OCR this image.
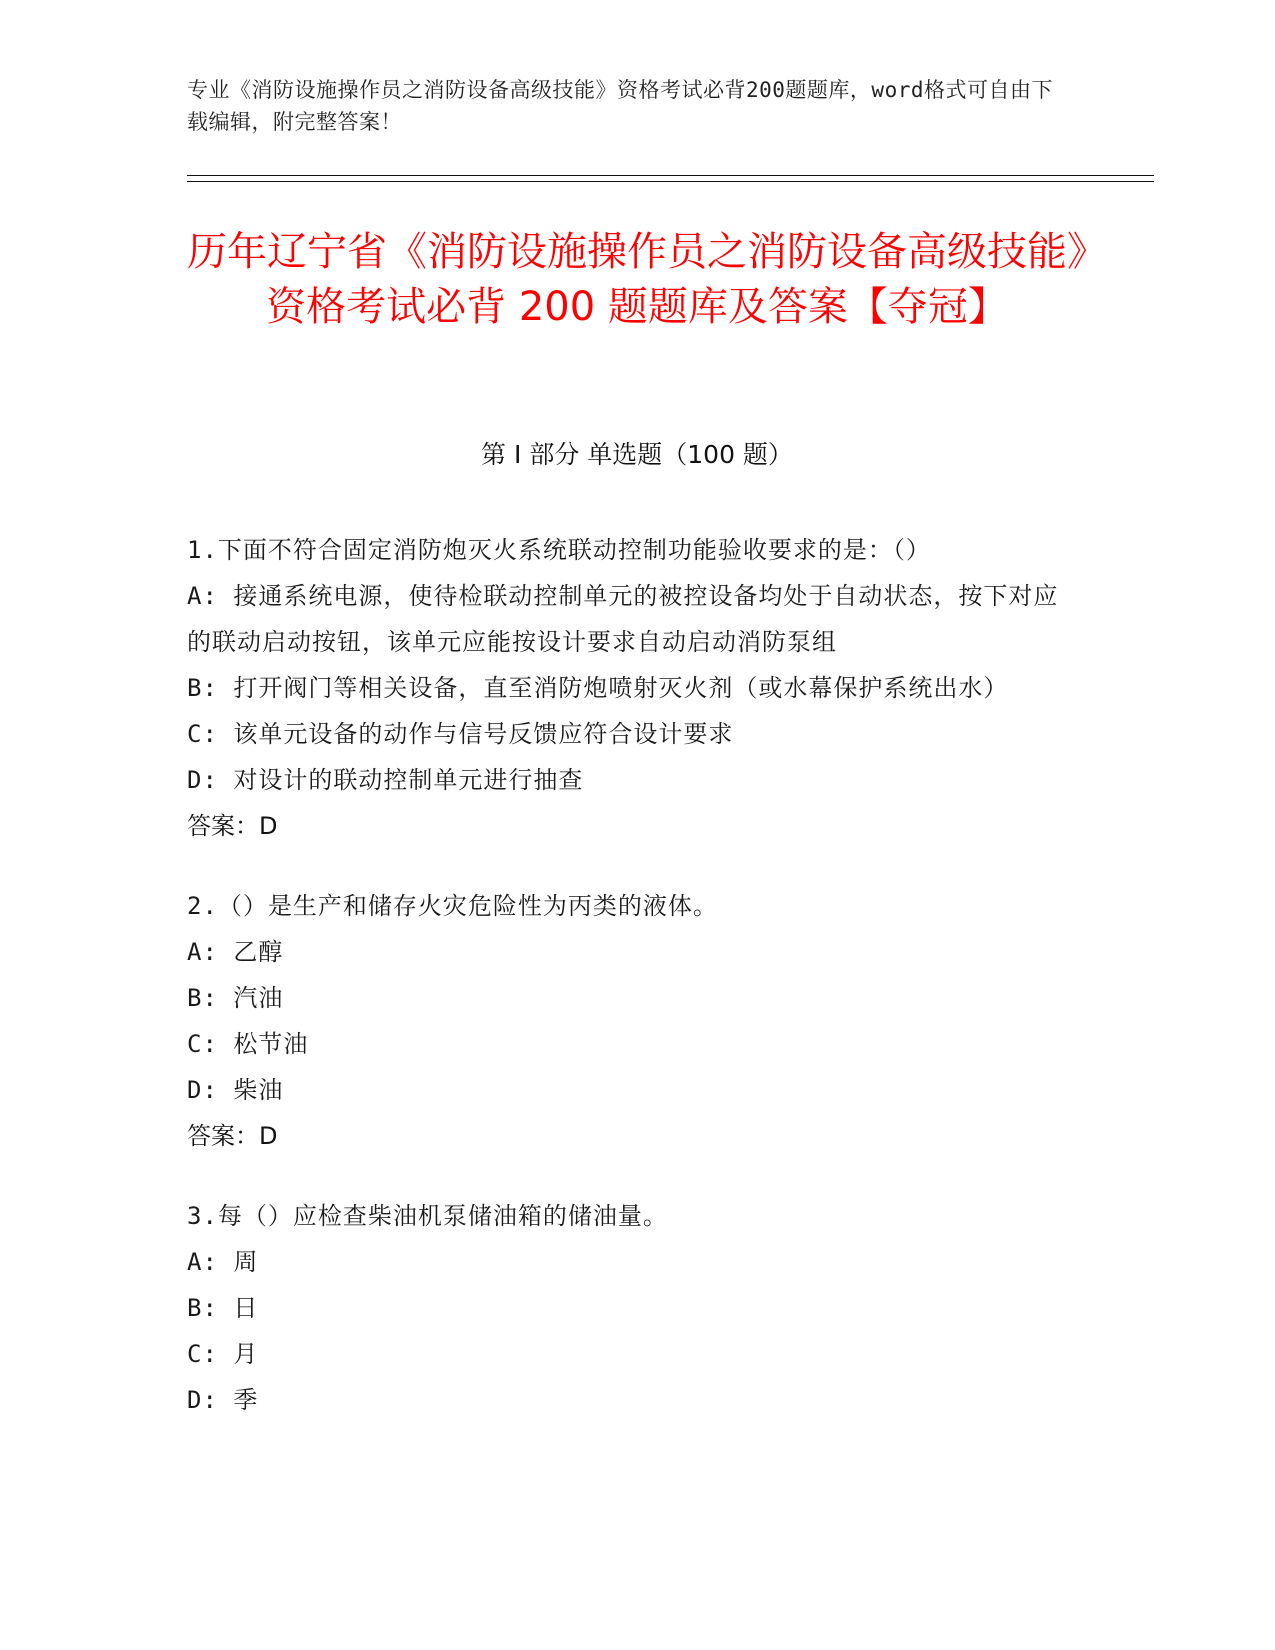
专业《消防设施操作员之消防设备高级技能》资格考试必背200题题库，word格式可自由下载编辑，附完整答案！
历年辽宁省《消防设施操作员之消防设备高级技能》资格考试必背 200 题题库及答案【夺冠】
第 I 部分 单选题（100 题）
1.下面不符合固定消防炮灭火系统联动控制功能验收要求的是：（）
A: 接通系统电源，使待检联动控制单元的被控设备均处于自动状态，按下对应的联动启动按钮，该单元应能按设计要求自动启动消防泵组
B: 打开阀门等相关设备，直至消防炮喷射灭火剂（或水幕保护系统出水）
C: 该单元设备的动作与信号反馈应符合设计要求
D: 对设计的联动控制单元进行抽查
答案：D
2.（）是生产和储存火灾危险性为丙类的液体。
A: 乙醇
B: 汽油
C: 松节油
D: 柴油
答案：D
3.每（）应检查柴油机泵储油箱的储油量。
A: 周
B: 日
C: 月
D: 季
